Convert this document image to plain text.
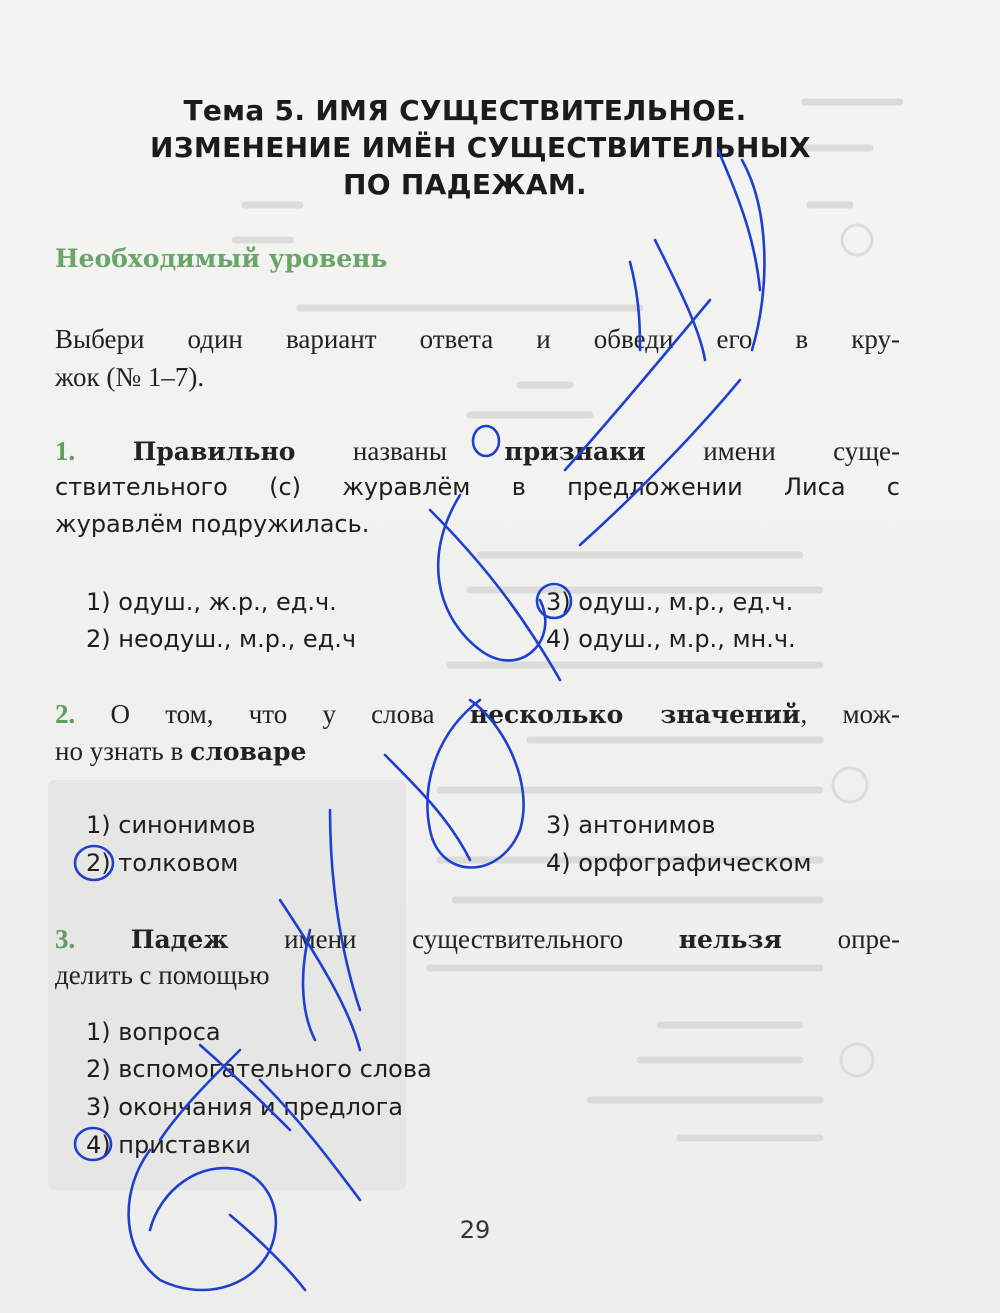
Тема 5. ИМЯ СУЩЕСТВИТЕЛЬНОЕ.
ИЗМЕНЕНИЕ ИМЁН СУЩЕСТВИТЕЛЬНЫХ
ПО ПАДЕЖАМ.
Необходимый уровень
Выбери один вариант ответа и обведи его в кру-
жок (№ 1–7).
1. Правильно названы признаки имени суще-
ствительного (с) журавлём в предложении Лиса с
журавлём подружилась.
1) одуш., ж.р., ед.ч.
2) неодуш., м.р., ед.ч
3) одуш., м.р., ед.ч.
4) одуш., м.р., мн.ч.
2. О том, что у слова несколько значений, мож-
но узнать в словаре
1) синонимов
2) толковом
3) антонимов
4) орфографическом
3. Падеж имени существительного нельзя опре-
делить с помощью
1) вопроса
2) вспомогательного слова
3) окончания и предлога
4) приставки
29
